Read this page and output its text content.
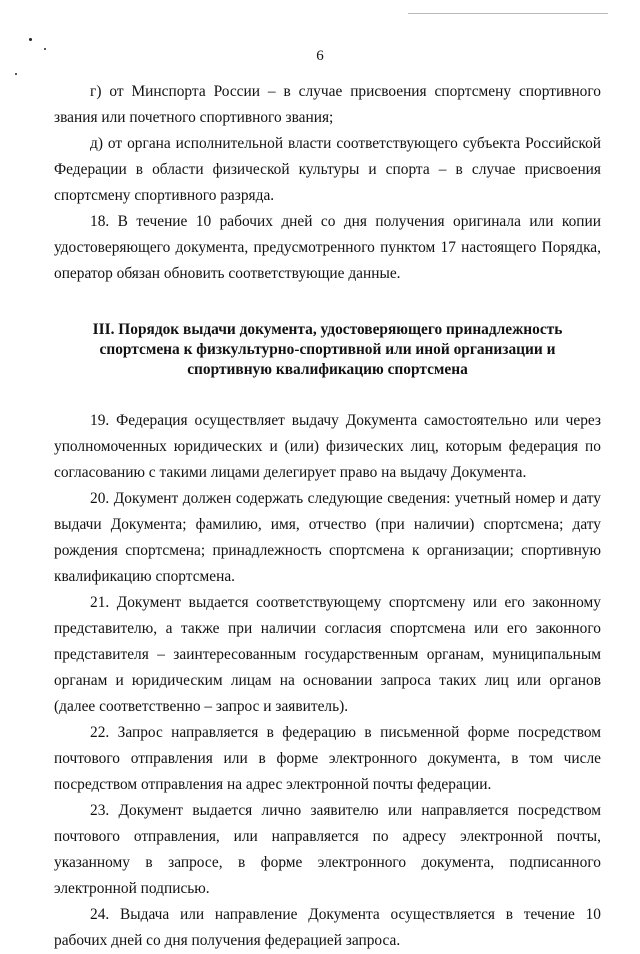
6

г) от Минспорта России – в случае присвоения спортсмену спортивного звания или почетного спортивного звания;

д) от органа исполнительной власти соответствующего субъекта Российской Федерации в области физической культуры и спорта – в случае присвоения спортсмену спортивного разряда.

18. В течение 10 рабочих дней со дня получения оригинала или копии удостоверяющего документа, предусмотренного пунктом 17 настоящего Порядка, оператор обязан обновить соответствующие данные.

III. Порядок выдачи документа, удостоверяющего принадлежность спортсмена к физкультурно-спортивной или иной организации и спортивную квалификацию спортсмена

19. Федерация осуществляет выдачу Документа самостоятельно или через уполномоченных юридических и (или) физических лиц, которым федерация по согласованию с такими лицами делегирует право на выдачу Документа.

20. Документ должен содержать следующие сведения: учетный номер и дату выдачи Документа; фамилию, имя, отчество (при наличии) спортсмена; дату рождения спортсмена; принадлежность спортсмена к организации; спортивную квалификацию спортсмена.

21. Документ выдается соответствующему спортсмену или его законному представителю, а также при наличии согласия спортсмена или его законного представителя – заинтересованным государственным органам, муниципальным органам и юридическим лицам на основании запроса таких лиц или органов (далее соответственно – запрос и заявитель).

22. Запрос направляется в федерацию в письменной форме посредством почтового отправления или в форме электронного документа, в том числе посредством отправления на адрес электронной почты федерации.

23. Документ выдается лично заявителю или направляется посредством почтового отправления, или направляется по адресу электронной почты, указанному в запросе, в форме электронного документа, подписанного электронной подписью.

24. Выдача или направление Документа осуществляется в течение 10 рабочих дней со дня получения федерацией запроса.
